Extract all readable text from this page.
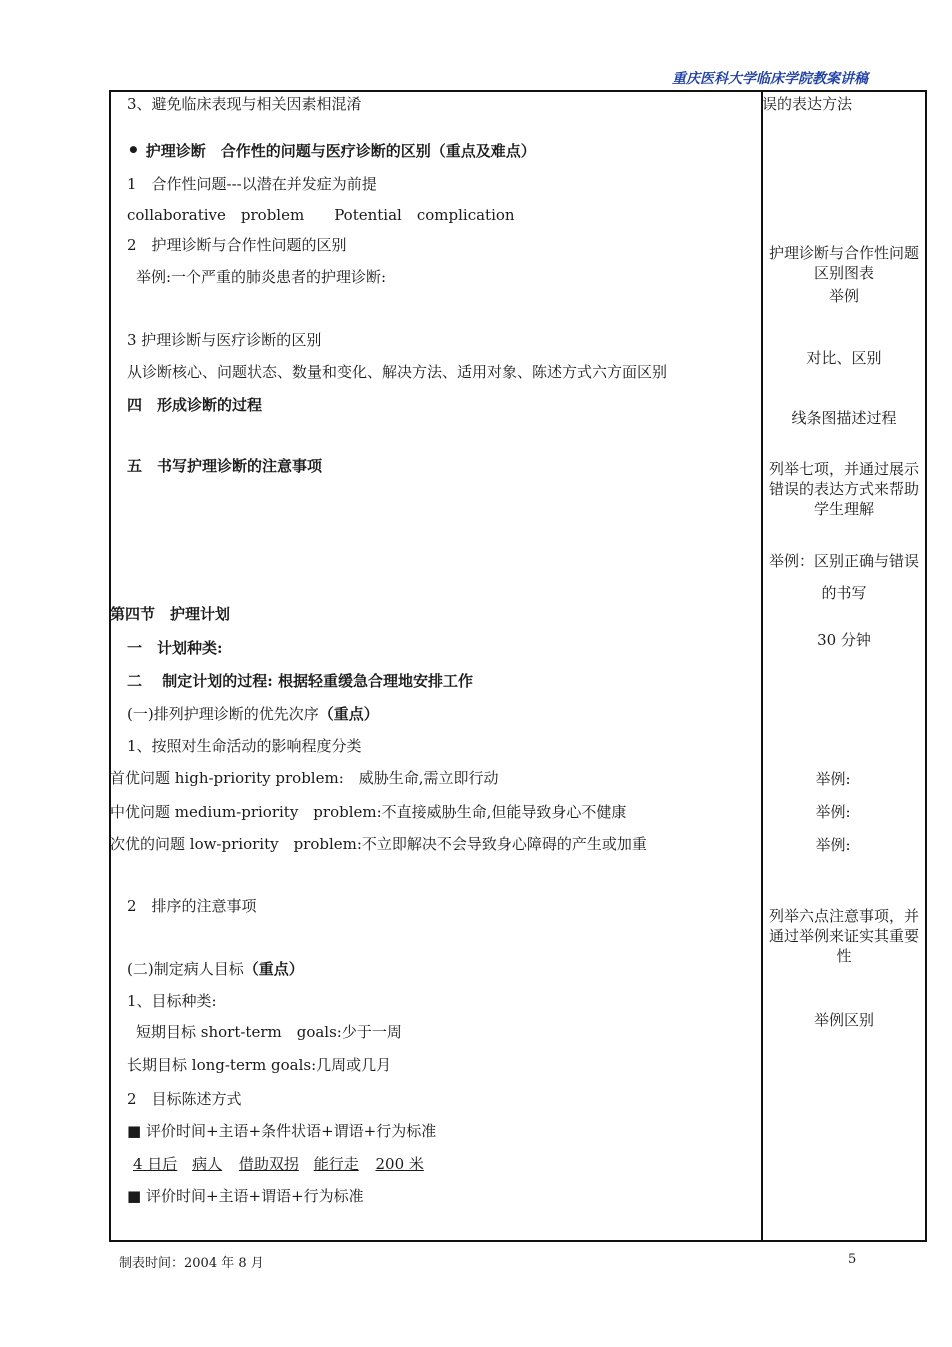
重庆医科大学临床学院教案讲稿
3、避免临床表现与相关因素相混淆
• 护理诊断　合作性的问题与医疗诊断的区别（重点及难点）
1　合作性问题---以潜在并发症为前提
collaborative　problem　　Potential　complication
2　护理诊断与合作性问题的区别
举例:一个严重的肺炎患者的护理诊断:
3 护理诊断与医疗诊断的区别
从诊断核心、问题状态、数量和变化、解决方法、适用对象、陈述方式六方面区别
四　形成诊断的过程
五　书写护理诊断的注意事项
第四节　护理计划
一　计划种类:
二　 制定计划的过程: 根据轻重缓急合理地安排工作
(一)排列护理诊断的优先次序（重点）
1、按照对生命活动的影响程度分类
首优问题 high-priority problem:　威胁生命,需立即行动
中优问题 medium-priority　problem:不直接威胁生命,但能导致身心不健康
次优的问题 low-priority　problem:不立即解决不会导致身心障碍的产生或加重
2　排序的注意事项
(二)制定病人目标（重点）
1、目标种类:
短期目标 short-term　goals:少于一周
长期目标 long-term goals:几周或几月
2　目标陈述方式
■ 评价时间+主语+条件状语+谓语+行为标准
4 日后 病人 借助双拐 能行走 200 米
■ 评价时间+主语+谓语+行为标准
误的表达方法
护理诊断与合作性问题区别图表
举例
对比、区别
线条图描述过程
列举七项，并通过展示错误的表达方式来帮助学生理解
举例：区别正确与错误的书写
30 分钟
举例:
举例:
举例:
列举六点注意事项，并通过举例来证实其重要性
举例区别
制表时间：2004 年 8 月	5
